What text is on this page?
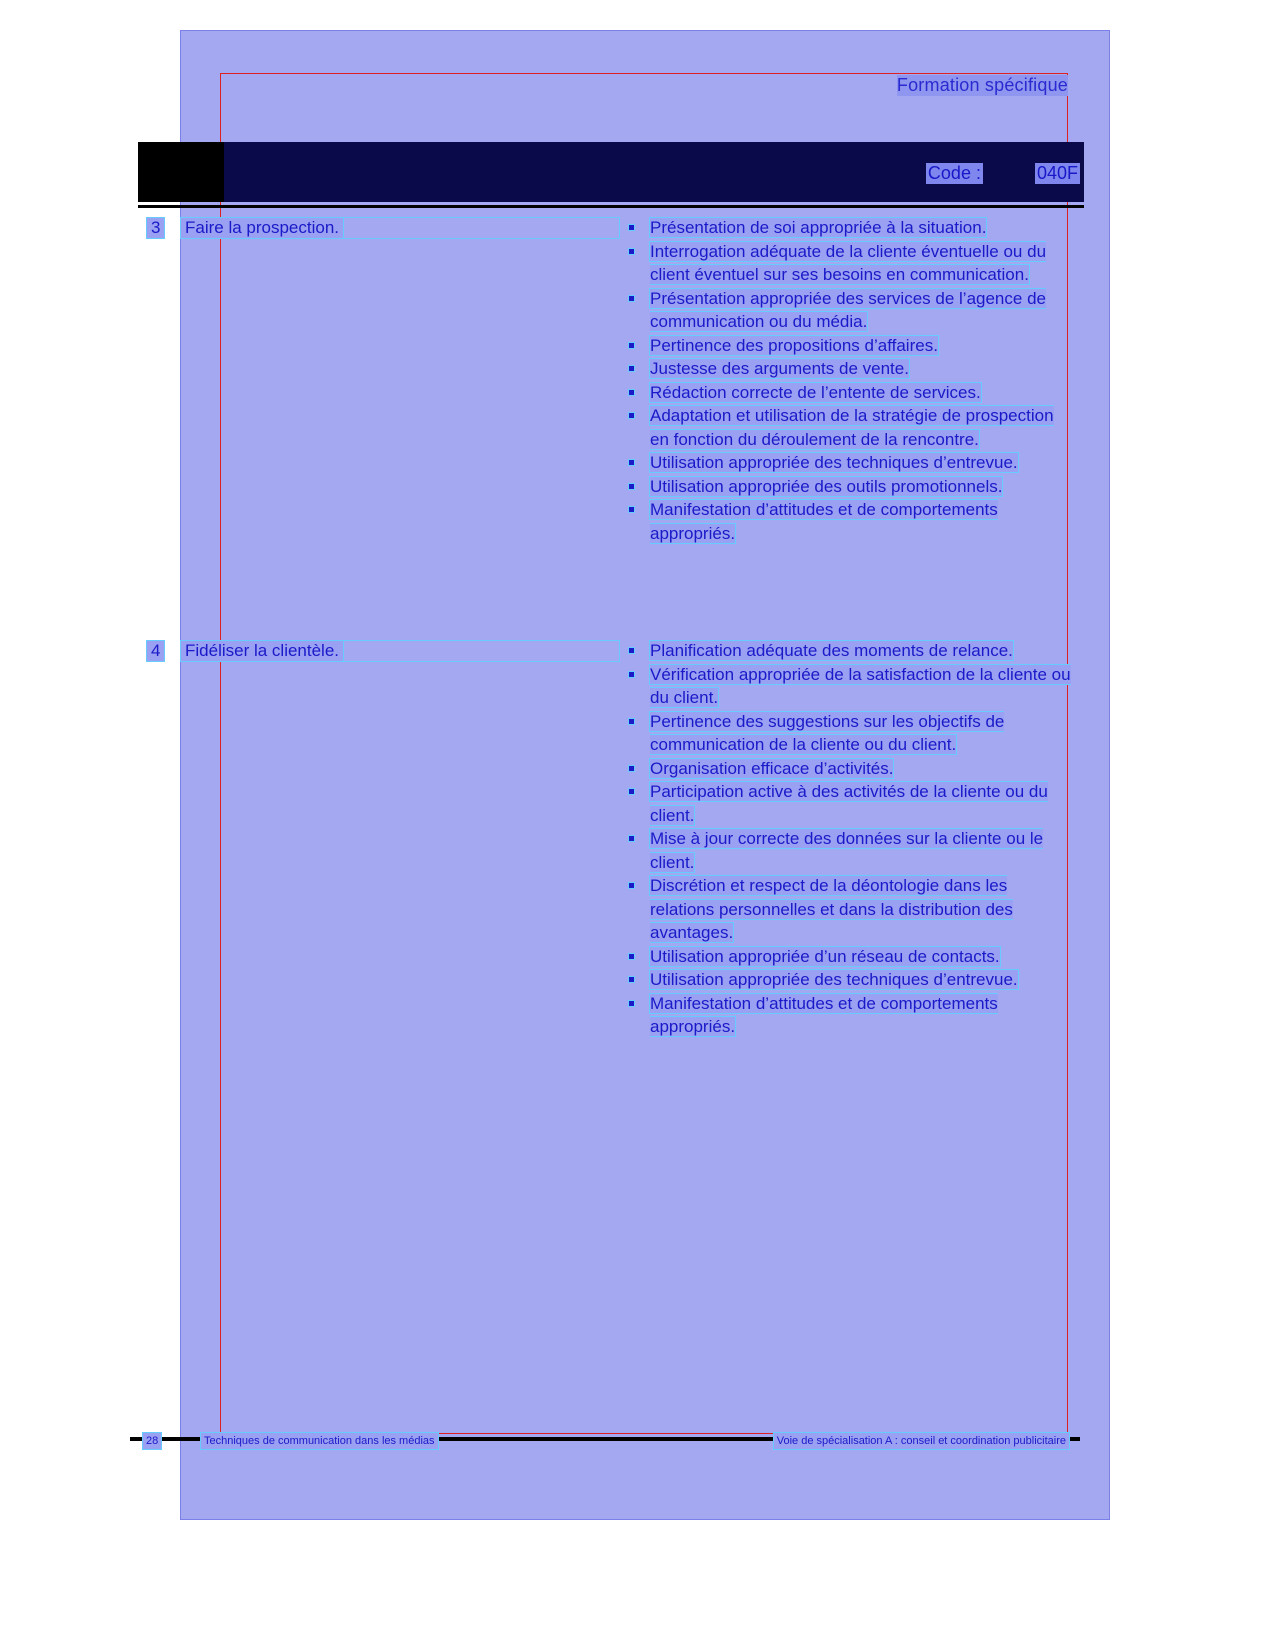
Formation spécifique
Code :	040F
3 Faire la prospection.	Présentation de soi appropriée à la situation.
Interrogation adéquate de la cliente éventuelle ou du client éventuel sur ses besoins en communication.
Présentation appropriée des services de l’agence de communication ou du média.
Pertinence des propositions d’affaires.
Justesse des arguments de vente.
Rédaction correcte de l’entente de services.
Adaptation et utilisation de la stratégie de prospection en fonction du déroulement de la rencontre.
Utilisation appropriée des techniques d’entrevue.
Utilisation appropriée des outils promotionnels.
Manifestation d’attitudes et de comportements appropriés.
4 Fidéliser la clientèle.	Planification adéquate des moments de relance.
Vérification appropriée de la satisfaction de la cliente ou du client.
Pertinence des suggestions sur les objectifs de communication de la cliente ou du client.
Organisation efficace d’activités.
Participation active à des activités de la cliente ou du client.
Mise à jour correcte des données sur la cliente ou le client.
Discrétion et respect de la déontologie dans les relations personnelles et dans la distribution des avantages.
Utilisation appropriée d’un réseau de contacts.
Utilisation appropriée des techniques d’entrevue.
Manifestation d’attitudes et de comportements appropriés.
28	Techniques de communication dans les médias	Voie de spécialisation A : conseil et coordination publicitaire
